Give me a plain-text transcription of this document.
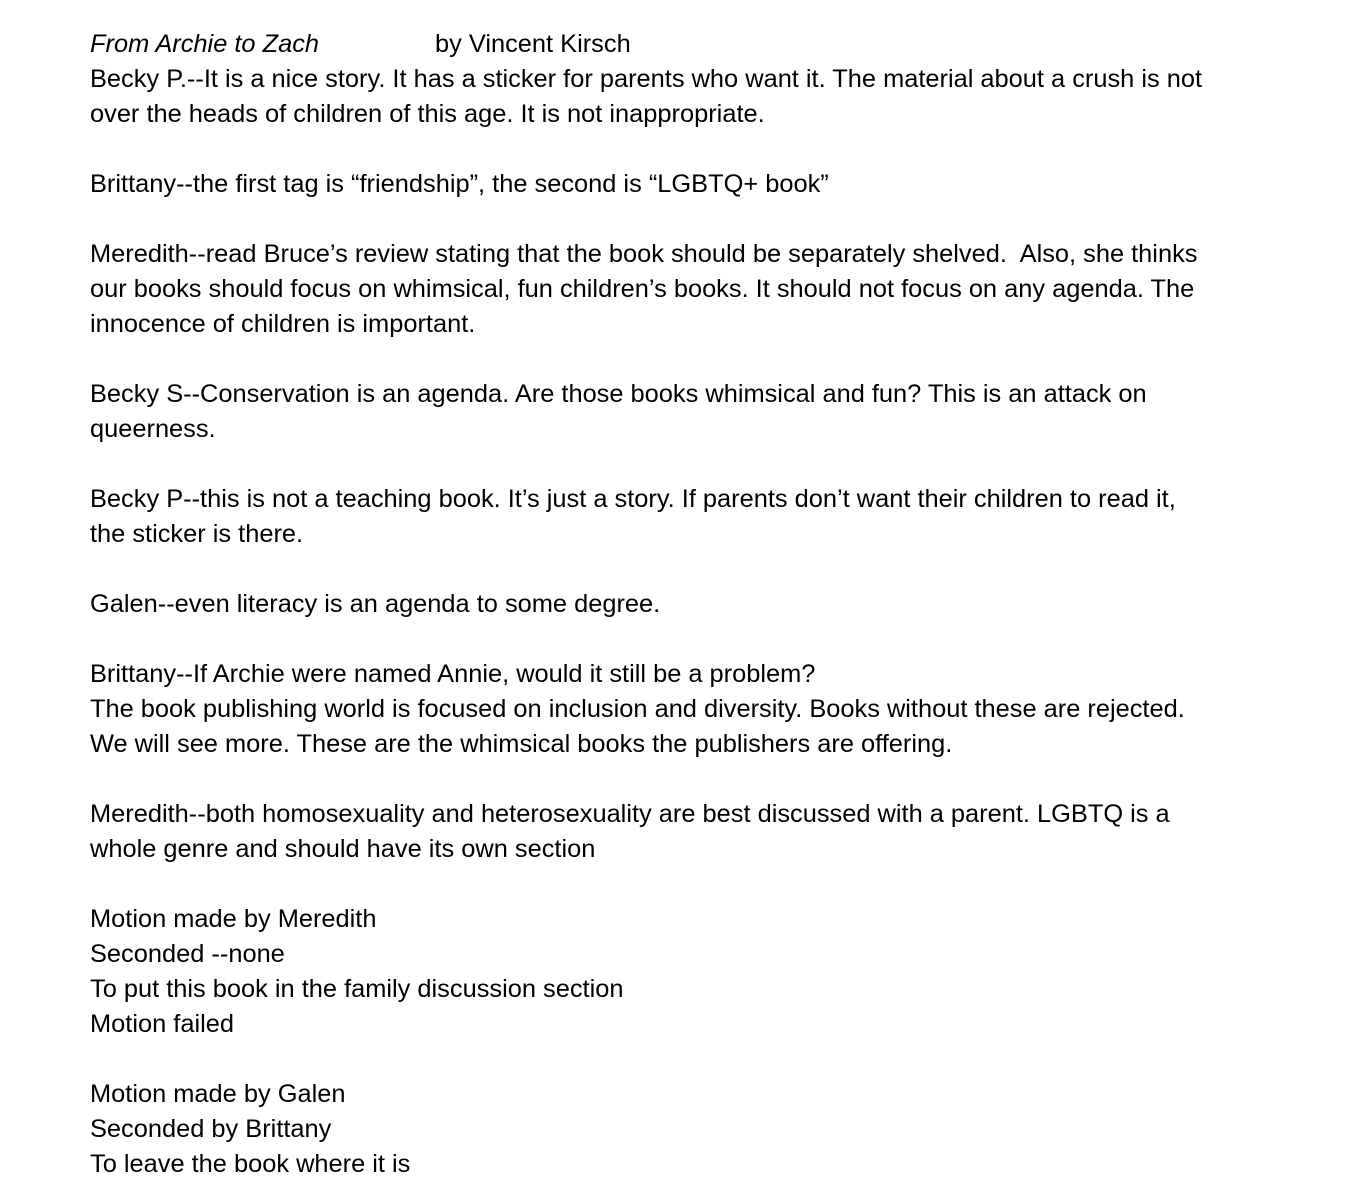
From Archie to Zach	by Vincent Kirsch
Becky P.--It is a nice story. It has a sticker for parents who want it. The material about a crush is not
over the heads of children of this age. It is not inappropriate.
Brittany--the first tag is “friendship”, the second is “LGBTQ+ book”
Meredith--read Bruce’s review stating that the book should be separately shelved.  Also, she thinks
our books should focus on whimsical, fun children’s books. It should not focus on any agenda. The
innocence of children is important.
Becky S--Conservation is an agenda. Are those books whimsical and fun? This is an attack on
queerness.
Becky P--this is not a teaching book. It’s just a story. If parents don’t want their children to read it,
the sticker is there.
Galen--even literacy is an agenda to some degree.
Brittany--If Archie were named Annie, would it still be a problem?
The book publishing world is focused on inclusion and diversity. Books without these are rejected.
We will see more. These are the whimsical books the publishers are offering.
Meredith--both homosexuality and heterosexuality are best discussed with a parent. LGBTQ is a
whole genre and should have its own section
Motion made by Meredith
Seconded --none
To put this book in the family discussion section
Motion failed
Motion made by Galen
Seconded by Brittany
To leave the book where it is
